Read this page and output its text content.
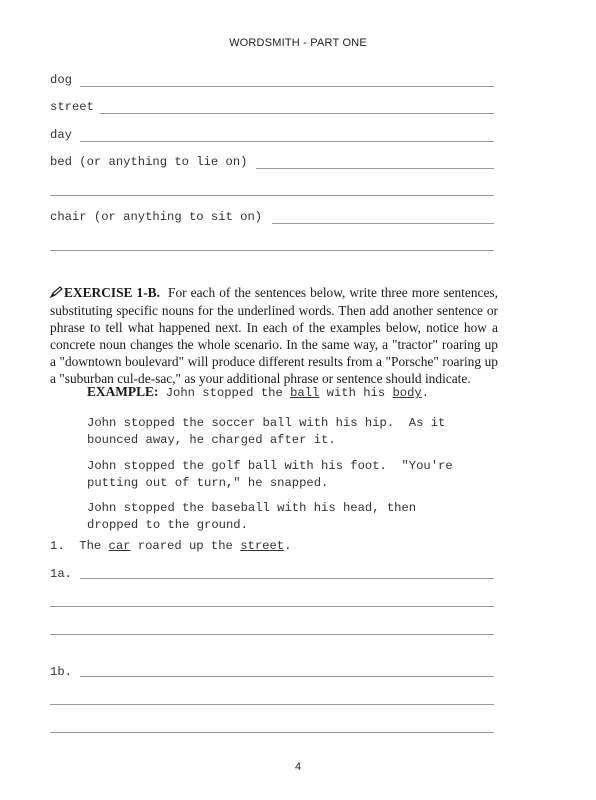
WORDSMITH - PART ONE
dog
street
day
bed (or anything to lie on)
chair (or anything to sit on)
EXERCISE 1-B. For each of the sentences below, write three more sentences, substituting specific nouns for the underlined words. Then add another sentence or phrase to tell what happened next. In each of the examples below, notice how a concrete noun changes the whole scenario. In the same way, a "tractor" roaring up a "downtown boulevard" will produce different results from a "Porsche" roaring up a "suburban cul-de-sac," as your additional phrase or sentence should indicate.
EXAMPLE: John stopped the ball with his body.
John stopped the soccer ball with his hip.  As it
bounced away, he charged after it.
John stopped the golf ball with his foot.  "You're
putting out of turn," he snapped.
John stopped the baseball with his head, then
dropped to the ground.
1.  The car roared up the street.
1a.
1b.
4
